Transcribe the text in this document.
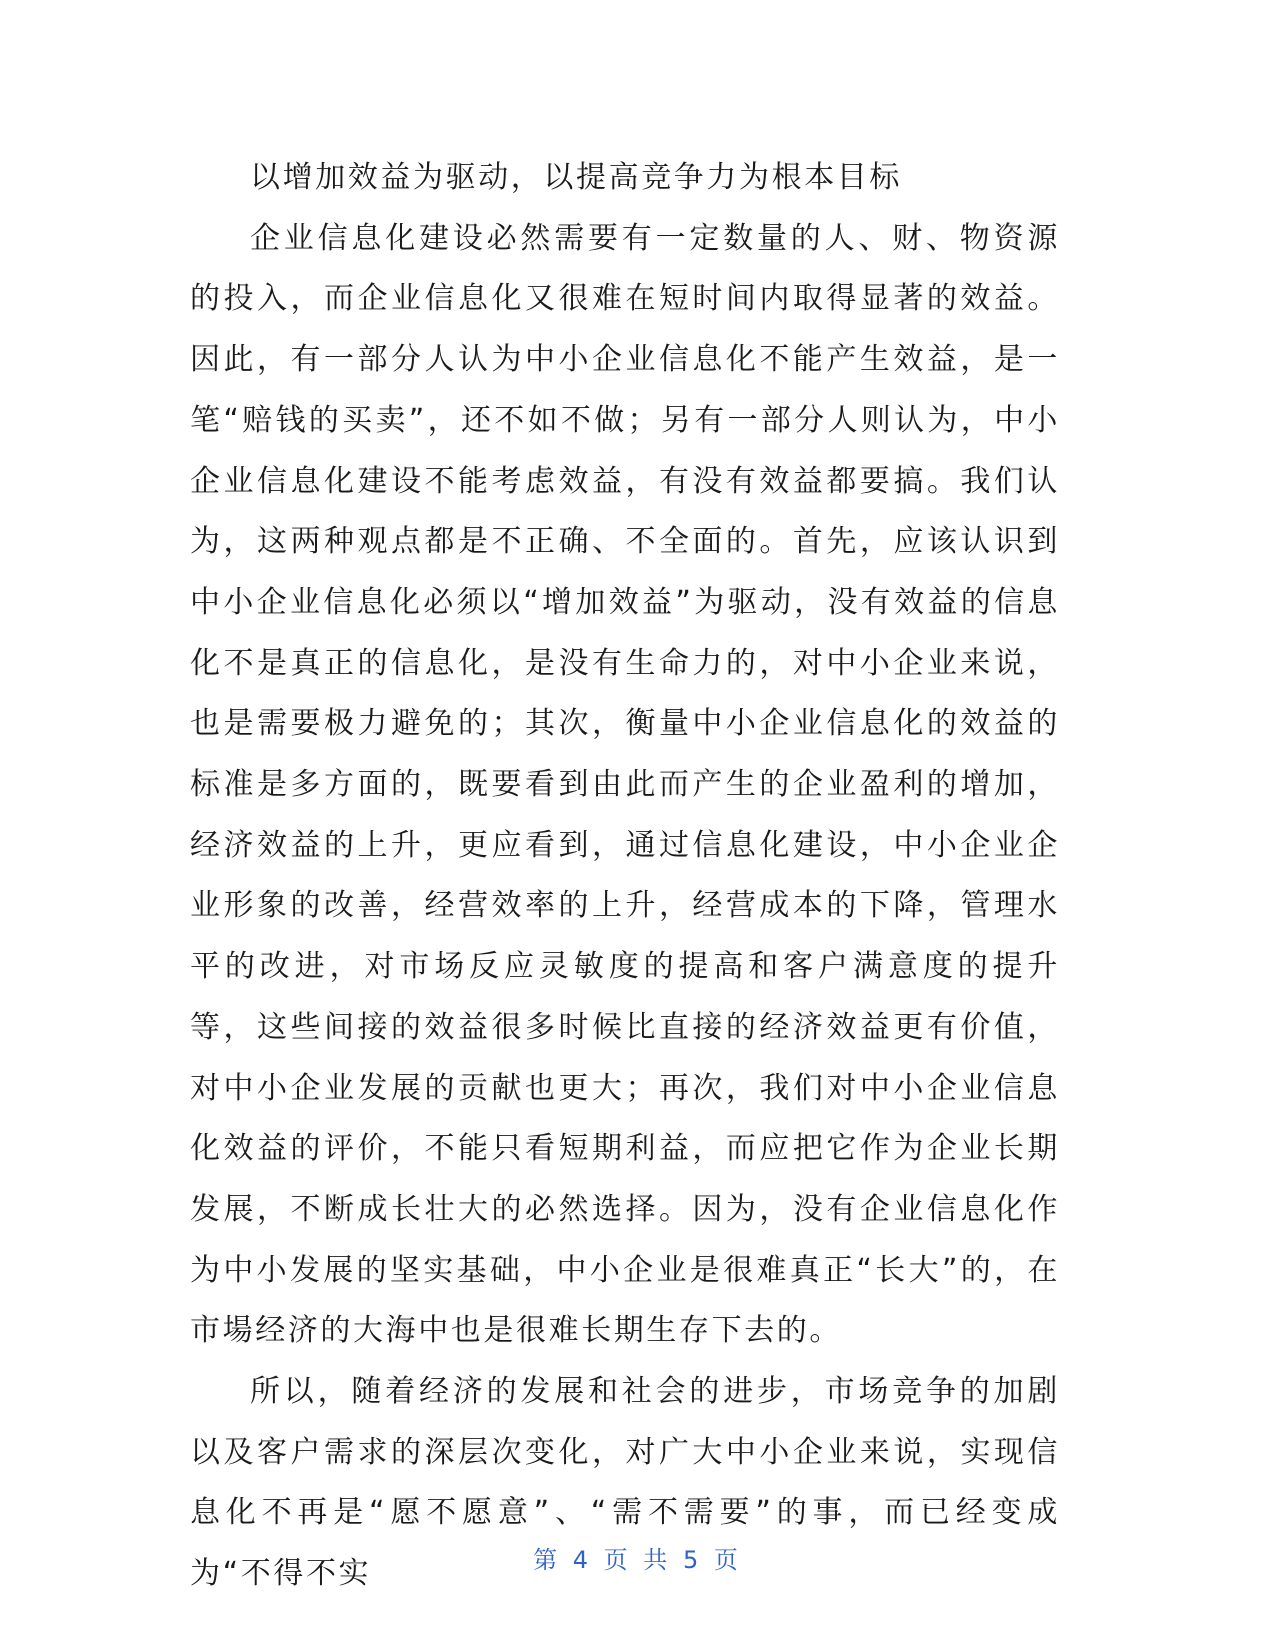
以增加效益为驱动，以提高竞争力为根本目标

企业信息化建设必然需要有一定数量的人、财、物资源的投入，而企业信息化又很难在短时间内取得显著的效益。因此，有一部分人认为中小企业信息化不能产生效益，是一笔“赔钱的买卖”，还不如不做；另有一部分人则认为，中小企业信息化建设不能考虑效益，有没有效益都要搞。我们认为，这两种观点都是不正确、不全面的。首先，应该认识到中小企业信息化必须以“增加效益”为驱动，没有效益的信息化不是真正的信息化，是没有生命力的，对中小企业来说，也是需要极力避免的；其次，衡量中小企业信息化的效益的标准是多方面的，既要看到由此而产生的企业盈利的增加，经济效益的上升，更应看到，通过信息化建设，中小企业企业形象的改善，经营效率的上升，经营成本的下降，管理水平的改进，对市场反应灵敏度的提高和客户满意度的提升等，这些间接的效益很多时候比直接的经济效益更有价值，对中小企业发展的贡献也更大；再次，我们对中小企业信息化效益的评价，不能只看短期利益，而应把它作为企业长期发展，不断成长壮大的必然选择。因为，没有企业信息化作为中小发展的坚实基础，中小企业是很难真正“长大”的，在市場经济的大海中也是很难长期生存下去的。

所以，随着经济的发展和社会的进步，市场竞争的加剧以及客户需求的深层次变化，对广大中小企业来说，实现信息化不再是“愿不愿意”、“需不需要”的事，而已经变成为“不得不实	第 4 页 共 5 页
